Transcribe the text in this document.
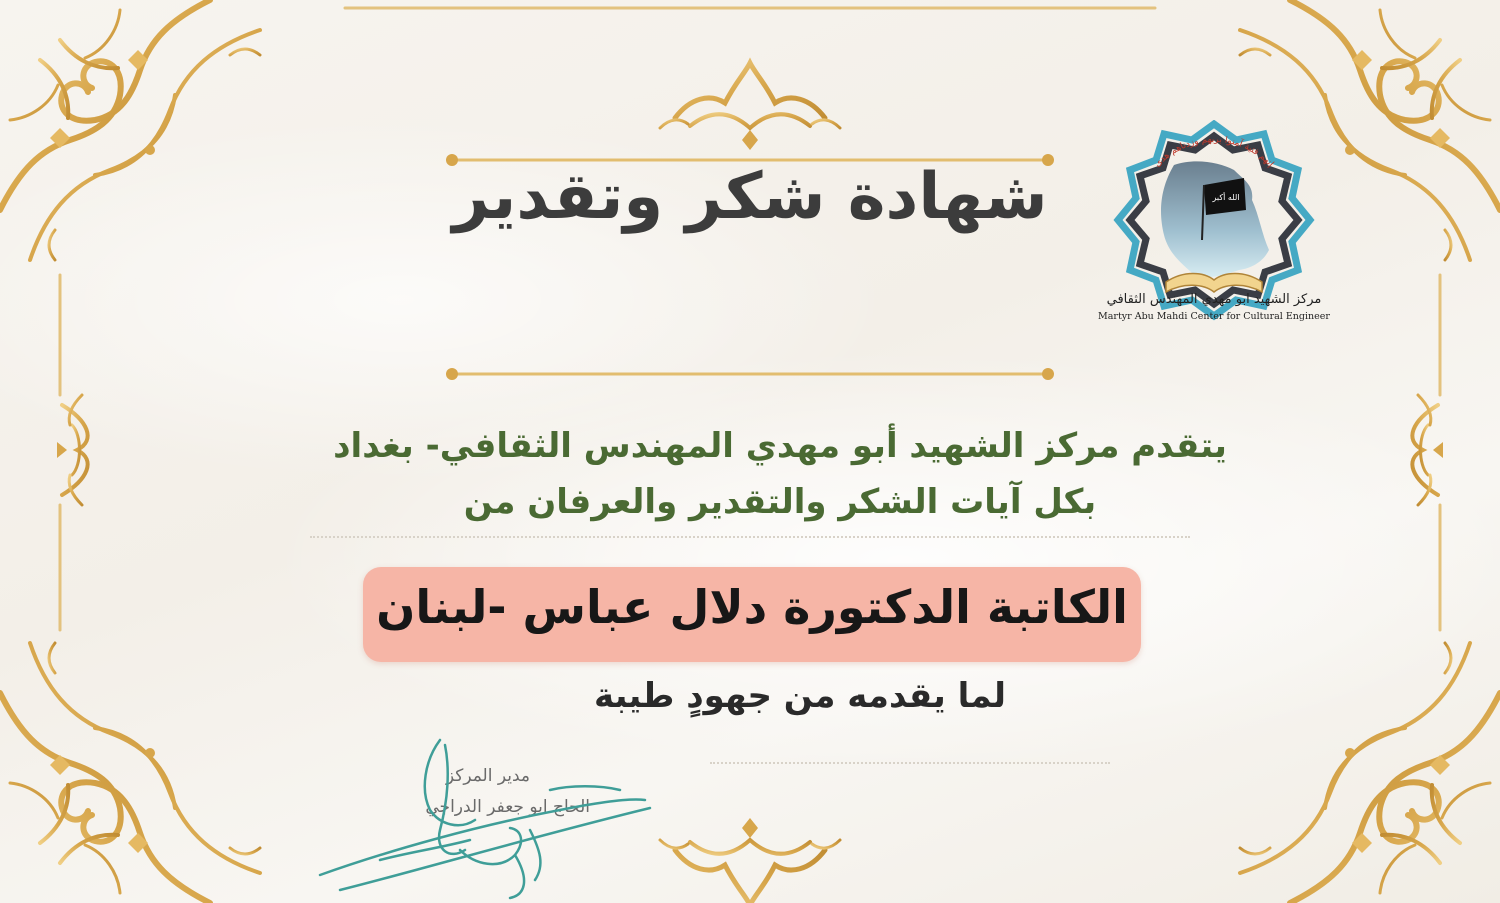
شهادة شكر وتقدير	الله أكبر
إنهم فتية آمنوا بربهم وزدناهم هدى
مركز الشهيد ابو مهدي المهندس الثقافي
Martyr Abu Mahdi Center for Cultural Engineer
يتقدم مركز الشهيد أبو مهدي المهندس الثقافي- بغداد
بكل آيات الشكر والتقدير والعرفان من
الكاتبة الدكتورة دلال عباس -لبنان
لما يقدمه من جهودٍ طيبة
مدير المركز
الحاج ابو جعفر الدراجي
